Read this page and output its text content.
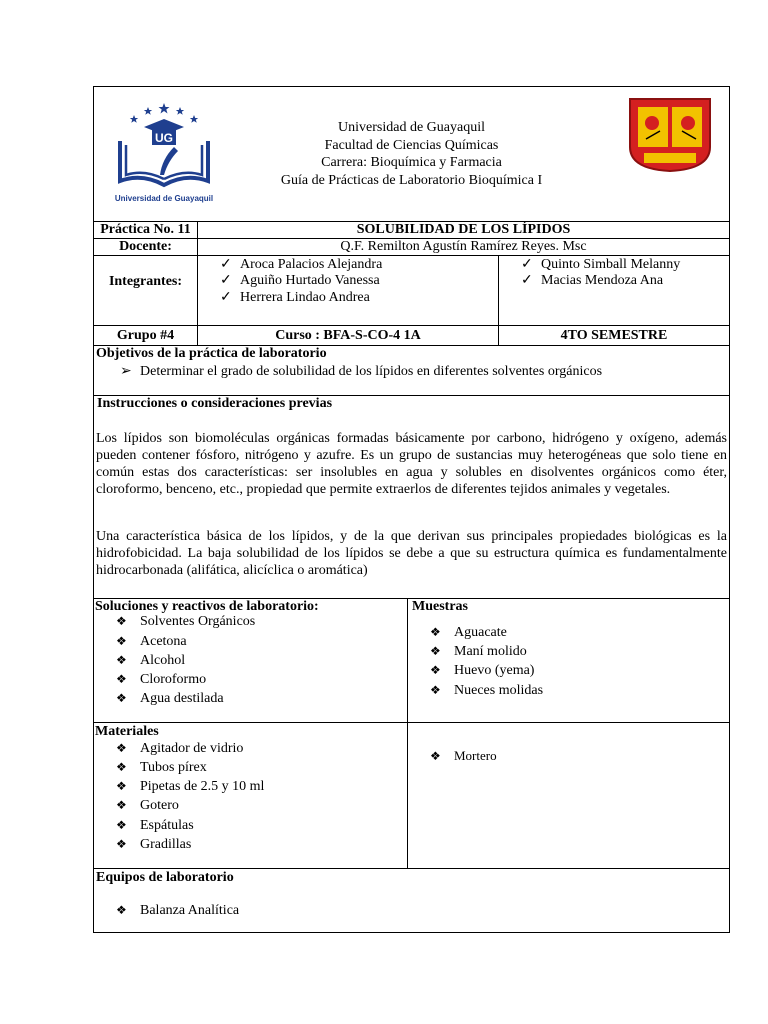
UG
Universidad de Guayaquil
Universidad de Guayaquil
Facultad de Ciencias Químicas
Carrera: Bioquímica y Farmacia
Guía de Prácticas de Laboratorio Bioquímica I
Práctica No. 11	SOLUBILIDAD DE LOS LÍPIDOS
Docente:	Q.F. Remilton Agustín Ramírez Reyes. Msc
Integrantes:
✓ Aroca Palacios Alejandra
✓ Aguiño Hurtado Vanessa
✓ Herrera Lindao Andrea
✓ Quinto Simball Melanny
✓ Macias Mendoza Ana
Grupo #4	Curso : BFA-S-CO-4 1A	4TO SEMESTRE
Objetivos de la práctica de laboratorio
➢ Determinar el grado de solubilidad de los lípidos en diferentes solventes orgánicos
Instrucciones o consideraciones previas
Los lípidos son biomoléculas orgánicas formadas básicamente por carbono, hidrógeno y oxígeno, además pueden contener fósforo, nitrógeno y azufre. Es un grupo de sustancias muy heterogéneas que solo tiene en común estas dos características: ser insolubles en agua y solubles en disolventes orgánicos como éter, cloroformo, benceno, etc., propiedad que permite extraerlos de diferentes tejidos animales y vegetales.
Una característica básica de los lípidos, y de la que derivan sus principales propiedades biológicas es la hidrofobicidad. La baja solubilidad de los lípidos se debe a que su estructura química es fundamentalmente hidrocarbonada (alifática, alicíclica o aromática)
Soluciones y reactivos de laboratorio:
❖ Solventes Orgánicos
❖ Acetona
❖ Alcohol
❖ Cloroformo
❖ Agua destilada
Muestras
❖ Aguacate
❖ Maní molido
❖ Huevo (yema)
❖ Nueces molidas
Materiales
❖ Agitador de vidrio
❖ Tubos pírex
❖ Pipetas de 2.5 y 10 ml
❖ Gotero
❖ Espátulas
❖ Gradillas
❖ Mortero
Equipos de laboratorio
❖ Balanza Analítica
